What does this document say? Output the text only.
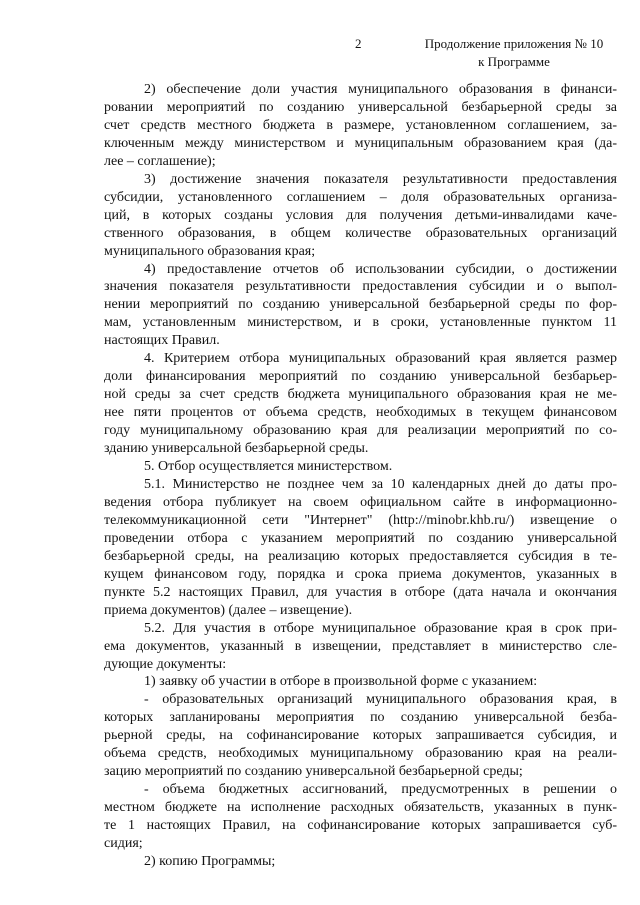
2	Продолжение приложения № 10
к Программе
2) обеспечение доли участия муниципального образования в финанси-
ровании мероприятий по созданию универсальной безбарьерной среды за
счет средств местного бюджета в размере, установленном соглашением, за-
ключенным между министерством и муниципальным образованием края (да-
лее – соглашение);
3) достижение значения показателя результативности предоставления
субсидии, установленного соглашением – доля образовательных организа-
ций, в которых созданы условия для получения детьми-инвалидами каче-
ственного образования, в общем количестве образовательных организаций
муниципального образования края;
4) предоставление отчетов об использовании субсидии, о достижении
значения показателя результативности предоставления субсидии и о выпол-
нении мероприятий по созданию универсальной безбарьерной среды по фор-
мам, установленным министерством, и в сроки, установленные пунктом 11
настоящих Правил.
4. Критерием отбора муниципальных образований края является размер
доли финансирования мероприятий по созданию универсальной безбарьер-
ной среды за счет средств бюджета муниципального образования края не ме-
нее пяти процентов от объема средств, необходимых в текущем финансовом
году муниципальному образованию края для реализации мероприятий по со-
зданию универсальной безбарьерной среды.
5. Отбор осуществляется министерством.
5.1. Министерство не позднее чем за 10 календарных дней до даты про-
ведения отбора публикует на своем официальном сайте в информационно-
телекоммуникационной сети "Интернет" (http://minobr.khb.ru/) извещение о
проведении отбора с указанием мероприятий по созданию универсальной
безбарьерной среды, на реализацию которых предоставляется субсидия в те-
кущем финансовом году, порядка и срока приема документов, указанных в
пункте 5.2 настоящих Правил, для участия в отборе (дата начала и окончания
приема документов) (далее – извещение).
5.2. Для участия в отборе муниципальное образование края в срок при-
ема документов, указанный в извещении, представляет в министерство сле-
дующие документы:
1) заявку об участии в отборе в произвольной форме с указанием:
- образовательных организаций муниципального образования края, в
которых запланированы мероприятия по созданию универсальной безба-
рьерной среды, на софинансирование которых запрашивается субсидия, и
объема средств, необходимых муниципальному образованию края на реали-
зацию мероприятий по созданию универсальной безбарьерной среды;
- объема бюджетных ассигнований, предусмотренных в решении о
местном бюджете на исполнение расходных обязательств, указанных в пунк-
те 1 настоящих Правил, на софинансирование которых запрашивается суб-
сидия;
2) копию Программы;
